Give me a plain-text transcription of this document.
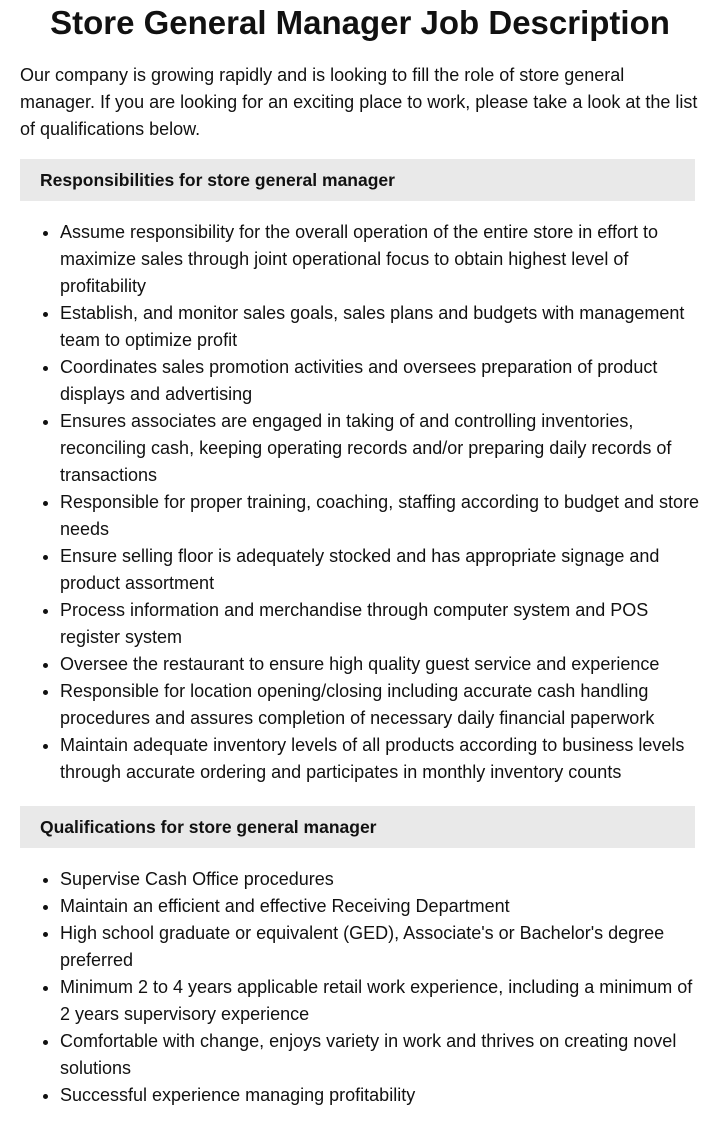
Store General Manager Job Description

Our company is growing rapidly and is looking to fill the role of store general manager. If you are looking for an exciting place to work, please take a look at the list of qualifications below.

Responsibilities for store general manager
• Assume responsibility for the overall operation of the entire store in effort to maximize sales through joint operational focus to obtain highest level of profitability
• Establish, and monitor sales goals, sales plans and budgets with management team to optimize profit
• Coordinates sales promotion activities and oversees preparation of product displays and advertising
• Ensures associates are engaged in taking of and controlling inventories, reconciling cash, keeping operating records and/or preparing daily records of transactions
• Responsible for proper training, coaching, staffing according to budget and store needs
• Ensure selling floor is adequately stocked and has appropriate signage and product assortment
• Process information and merchandise through computer system and POS register system
• Oversee the restaurant to ensure high quality guest service and experience
• Responsible for location opening/closing including accurate cash handling procedures and assures completion of necessary daily financial paperwork
• Maintain adequate inventory levels of all products according to business levels through accurate ordering and participates in monthly inventory counts
Qualifications for store general manager
• Supervise Cash Office procedures
• Maintain an efficient and effective Receiving Department
• High school graduate or equivalent (GED), Associate's or Bachelor's degree preferred
• Minimum 2 to 4 years applicable retail work experience, including a minimum of 2 years supervisory experience
• Comfortable with change, enjoys variety in work and thrives on creating novel solutions
• Successful experience managing profitability
